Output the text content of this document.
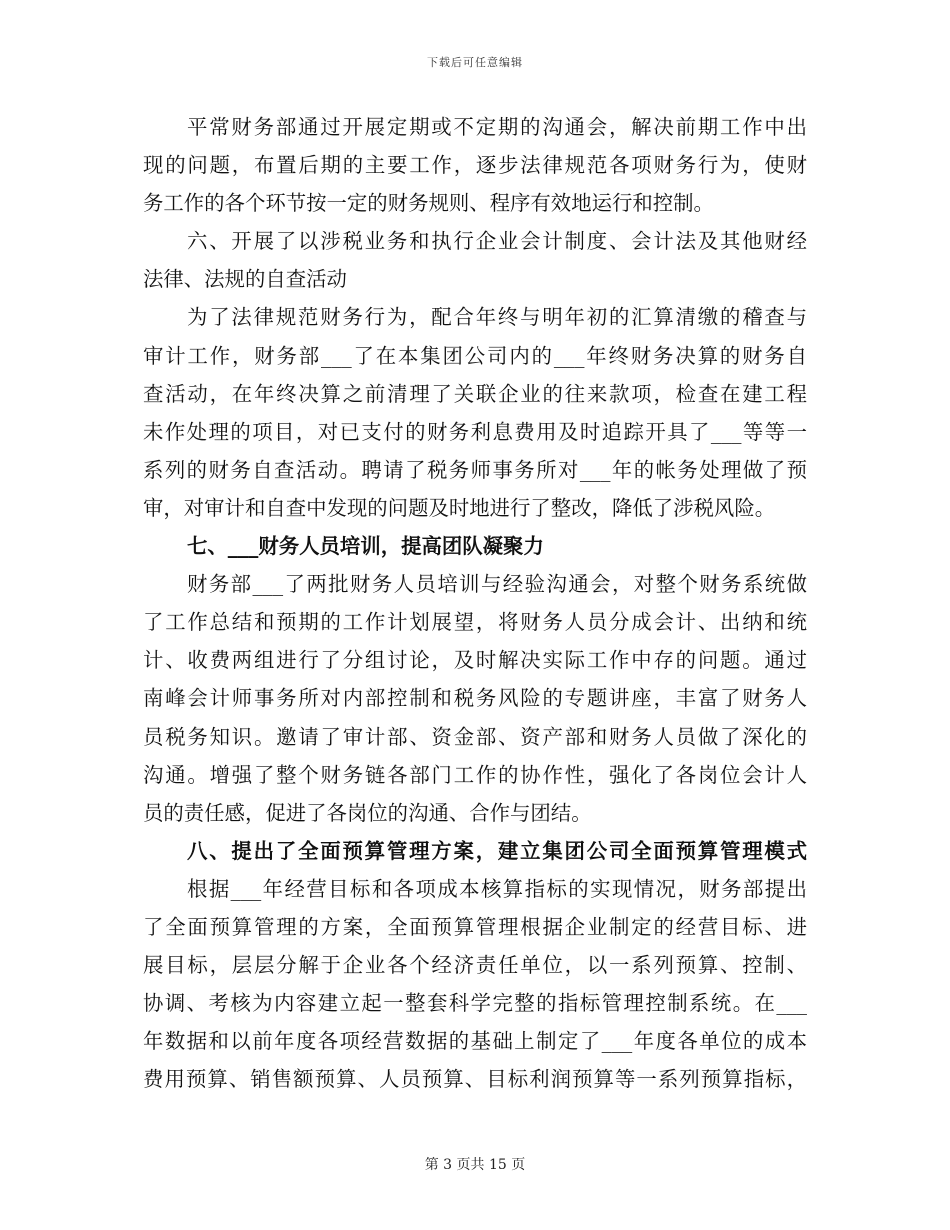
下载后可任意编辑
平常财务部通过开展定期或不定期的沟通会，解决前期工作中出
现的问题，布置后期的主要工作，逐步法律规范各项财务行为，使财
务工作的各个环节按一定的财务规则、程序有效地运行和控制。
六、开展了以涉税业务和执行企业会计制度、会计法及其他财经
法律、法规的自查活动
为了法律规范财务行为，配合年终与明年初的汇算清缴的稽查与
审计工作，财务部___了在本集团公司内的___年终财务决算的财务自
查活动，在年终决算之前清理了关联企业的往来款项，检查在建工程
未作处理的项目，对已支付的财务利息费用及时追踪开具了___等等一
系列的财务自查活动。聘请了税务师事务所对___年的帐务处理做了预
审，对审计和自查中发现的问题及时地进行了整改，降低了涉税风险。
七、___财务人员培训，提高团队凝聚力
财务部___了两批财务人员培训与经验沟通会，对整个财务系统做
了工作总结和预期的工作计划展望，将财务人员分成会计、出纳和统
计、收费两组进行了分组讨论，及时解决实际工作中存的问题。通过
南峰会计师事务所对内部控制和税务风险的专题讲座，丰富了财务人
员税务知识。邀请了审计部、资金部、资产部和财务人员做了深化的
沟通。增强了整个财务链各部门工作的协作性，强化了各岗位会计人
员的责任感，促进了各岗位的沟通、合作与团结。
八、提出了全面预算管理方案，建立集团公司全面预算管理模式
根据___年经营目标和各项成本核算指标的实现情况，财务部提出
了全面预算管理的方案，全面预算管理根据企业制定的经营目标、进
展目标，层层分解于企业各个经济责任单位，以一系列预算、控制、
协调、考核为内容建立起一整套科学完整的指标管理控制系统。在___
年数据和以前年度各项经营数据的基础上制定了___年度各单位的成本
费用预算、销售额预算、人员预算、目标利润预算等一系列预算指标，
第 3 页共 15 页
